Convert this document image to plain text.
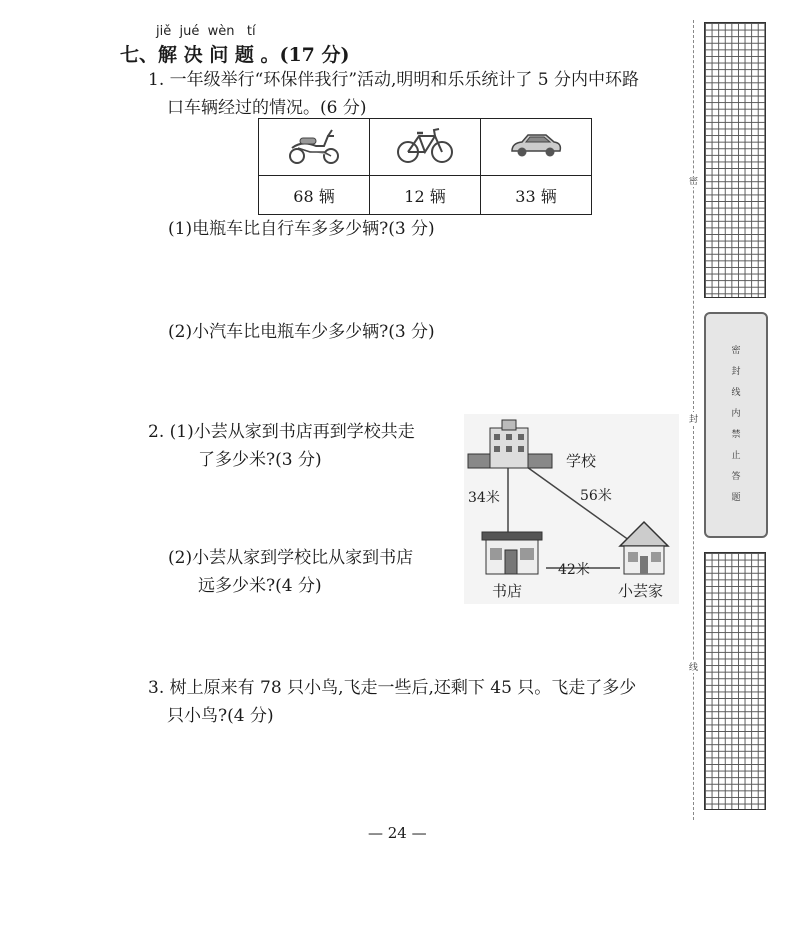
jiě  jué  wèn   tí
七、解 决 问 题 。(17 分)
1. 一年级举行“环保伴我行”活动,明明和乐乐统计了 5 分内中环路
口车辆经过的情况。(6 分)

68 辆	12 辆	33 辆
(1)电瓶车比自行车多多少辆?(3 分)
(2)小汽车比电瓶车少多少辆?(3 分)
2. (1)小芸从家到书店再到学校共走
了多少米?(3 分)
(2)小芸从家到学校比从家到书店
远多少米?(4 分)
学校
34米	56米
42米
书店	小芸家
3. 树上原来有 78 只小鸟,飞走一些后,还剩下 45 只。飞走了多少
只小鸟?(4 分)
— 24 —
密
封
线
密
封
线
内
禁
止
答
题
